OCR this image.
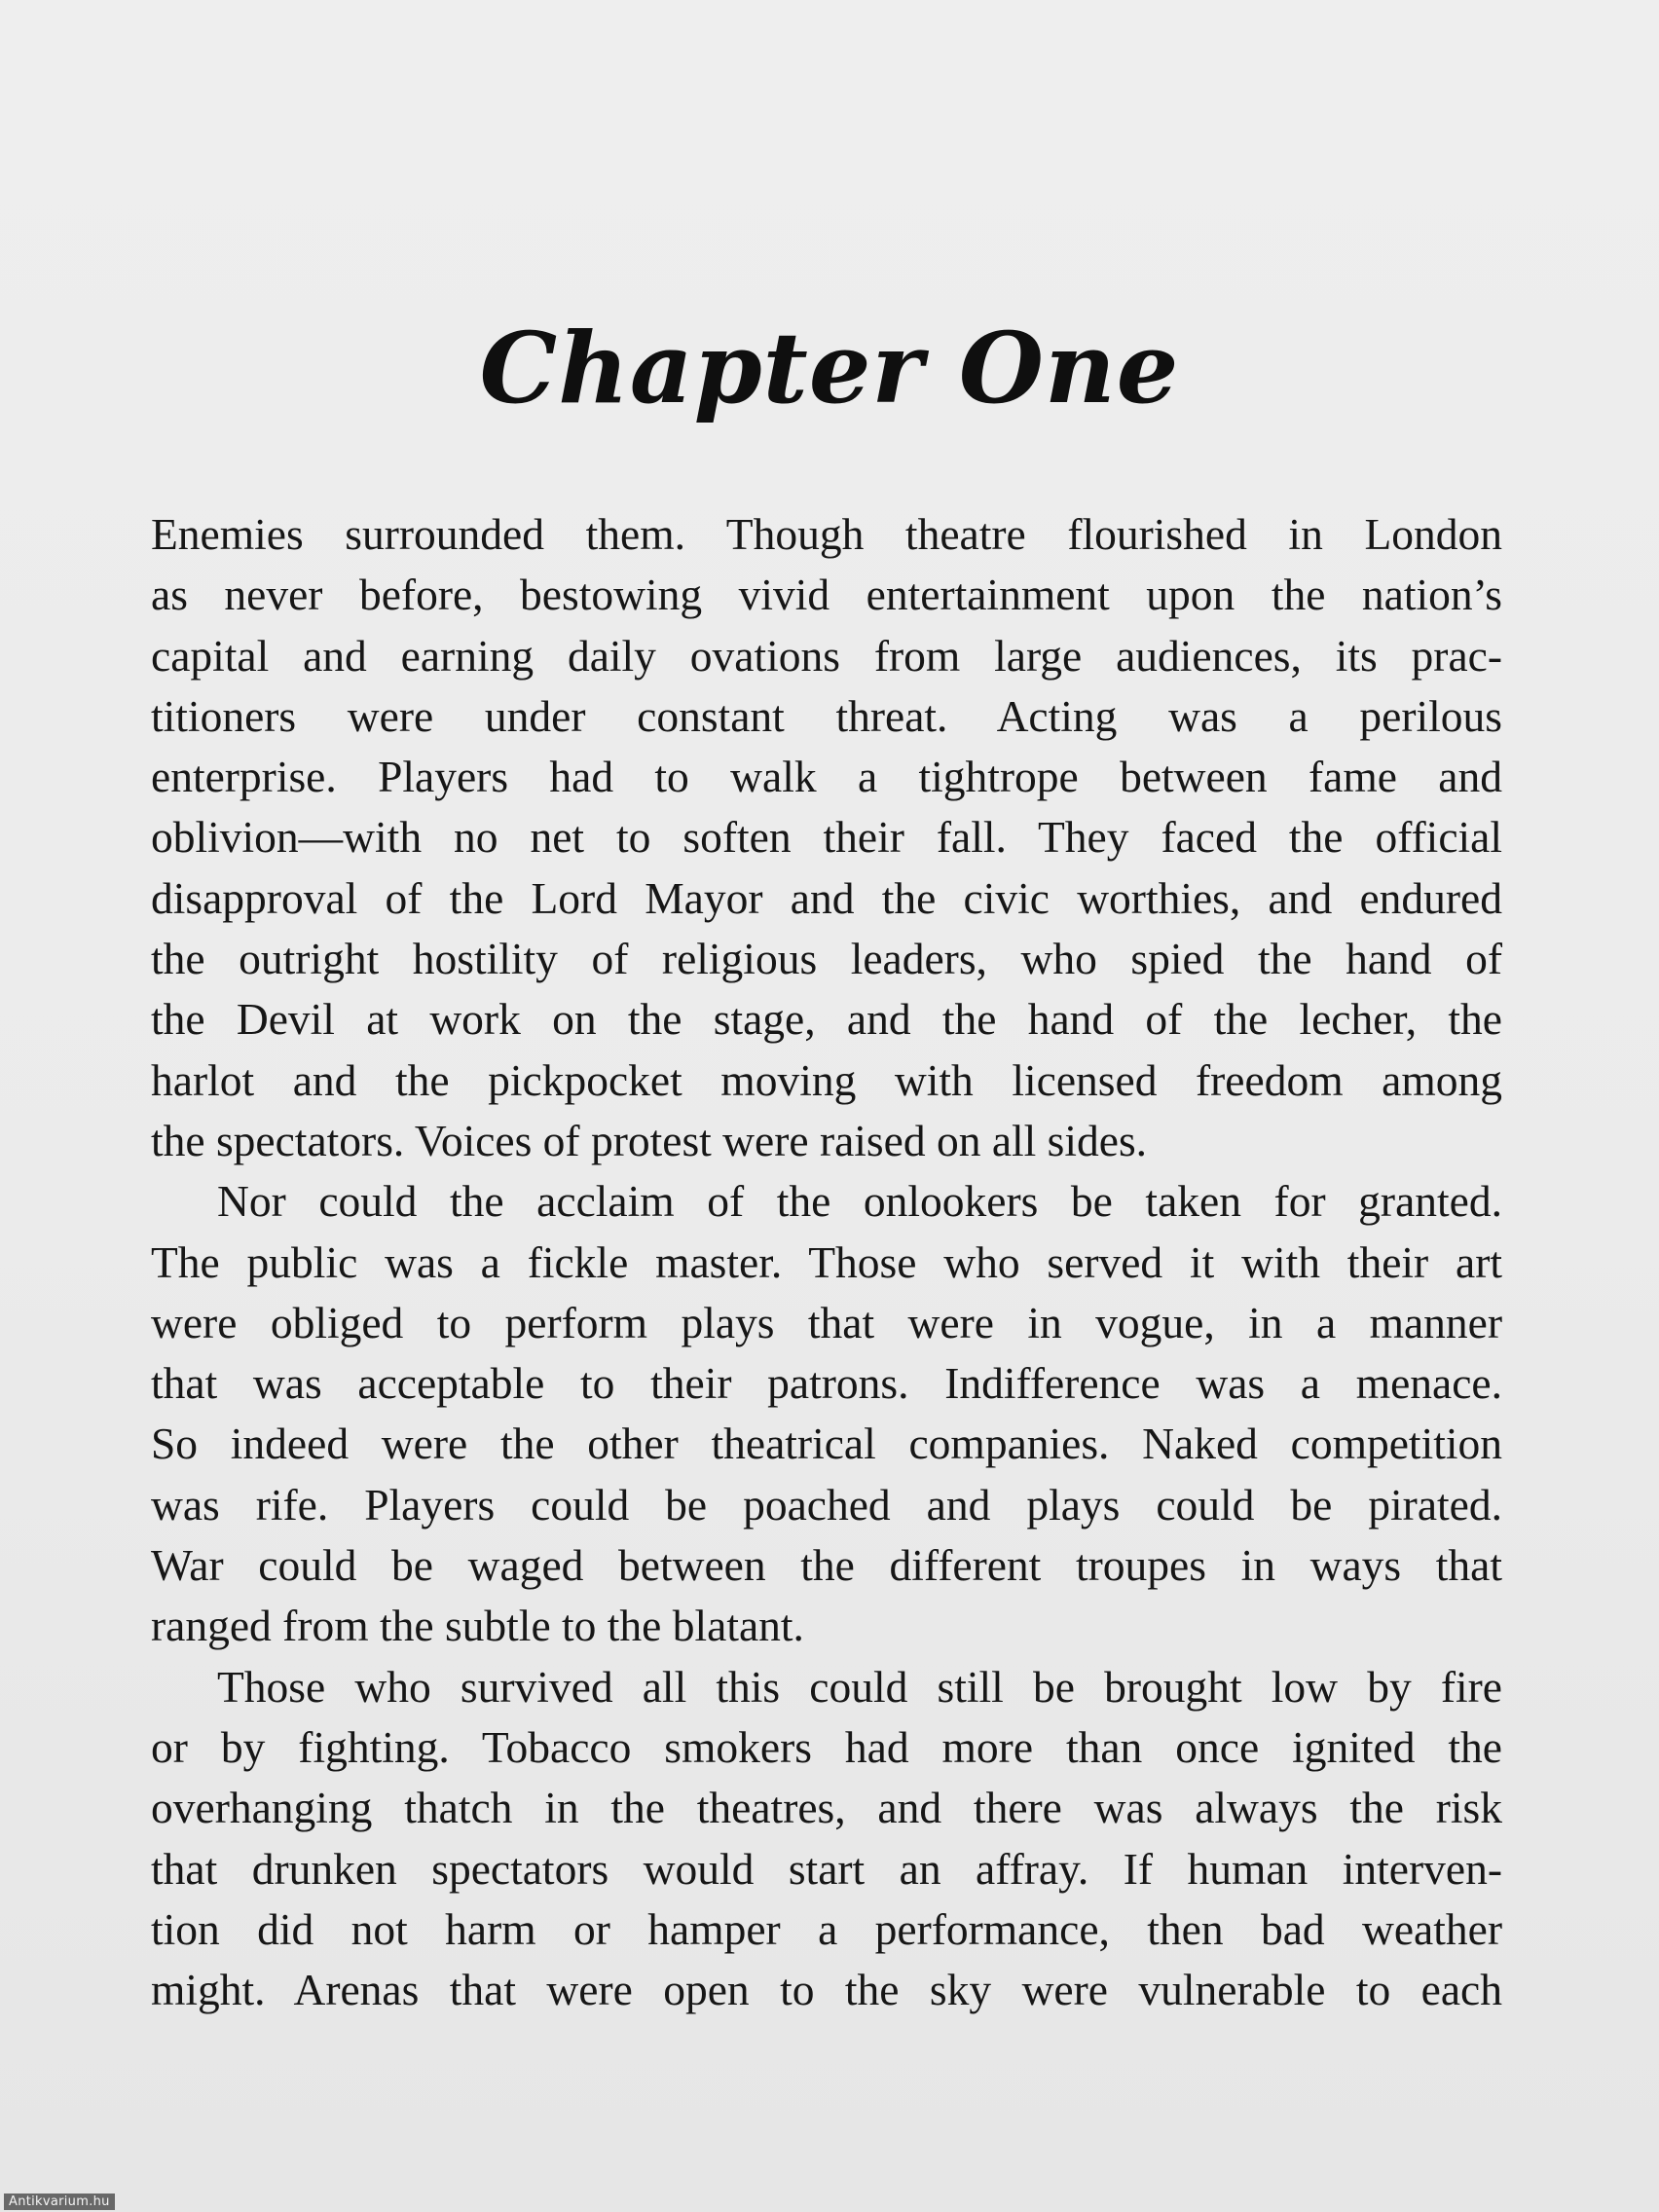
Chapter One
Enemies surrounded them. Though theatre flourished in London
as never before, bestowing vivid entertainment upon the nation’s
capital and earning daily ovations from large audiences, its prac-
titioners were under constant threat. Acting was a perilous
enterprise. Players had to walk a tightrope between fame and
oblivion—with no net to soften their fall. They faced the official
disapproval of the Lord Mayor and the civic worthies, and endured
the outright hostility of religious leaders, who spied the hand of
the Devil at work on the stage, and the hand of the lecher, the
harlot and the pickpocket moving with licensed freedom among
the spectators. Voices of protest were raised on all sides.
Nor could the acclaim of the onlookers be taken for granted.
The public was a fickle master. Those who served it with their art
were obliged to perform plays that were in vogue, in a manner
that was acceptable to their patrons. Indifference was a menace.
So indeed were the other theatrical companies. Naked competition
was rife. Players could be poached and plays could be pirated.
War could be waged between the different troupes in ways that
ranged from the subtle to the blatant.
Those who survived all this could still be brought low by fire
or by fighting. Tobacco smokers had more than once ignited the
overhanging thatch in the theatres, and there was always the risk
that drunken spectators would start an affray. If human interven-
tion did not harm or hamper a performance, then bad weather
might. Arenas that were open to the sky were vulnerable to each
Antikvarium.hu
